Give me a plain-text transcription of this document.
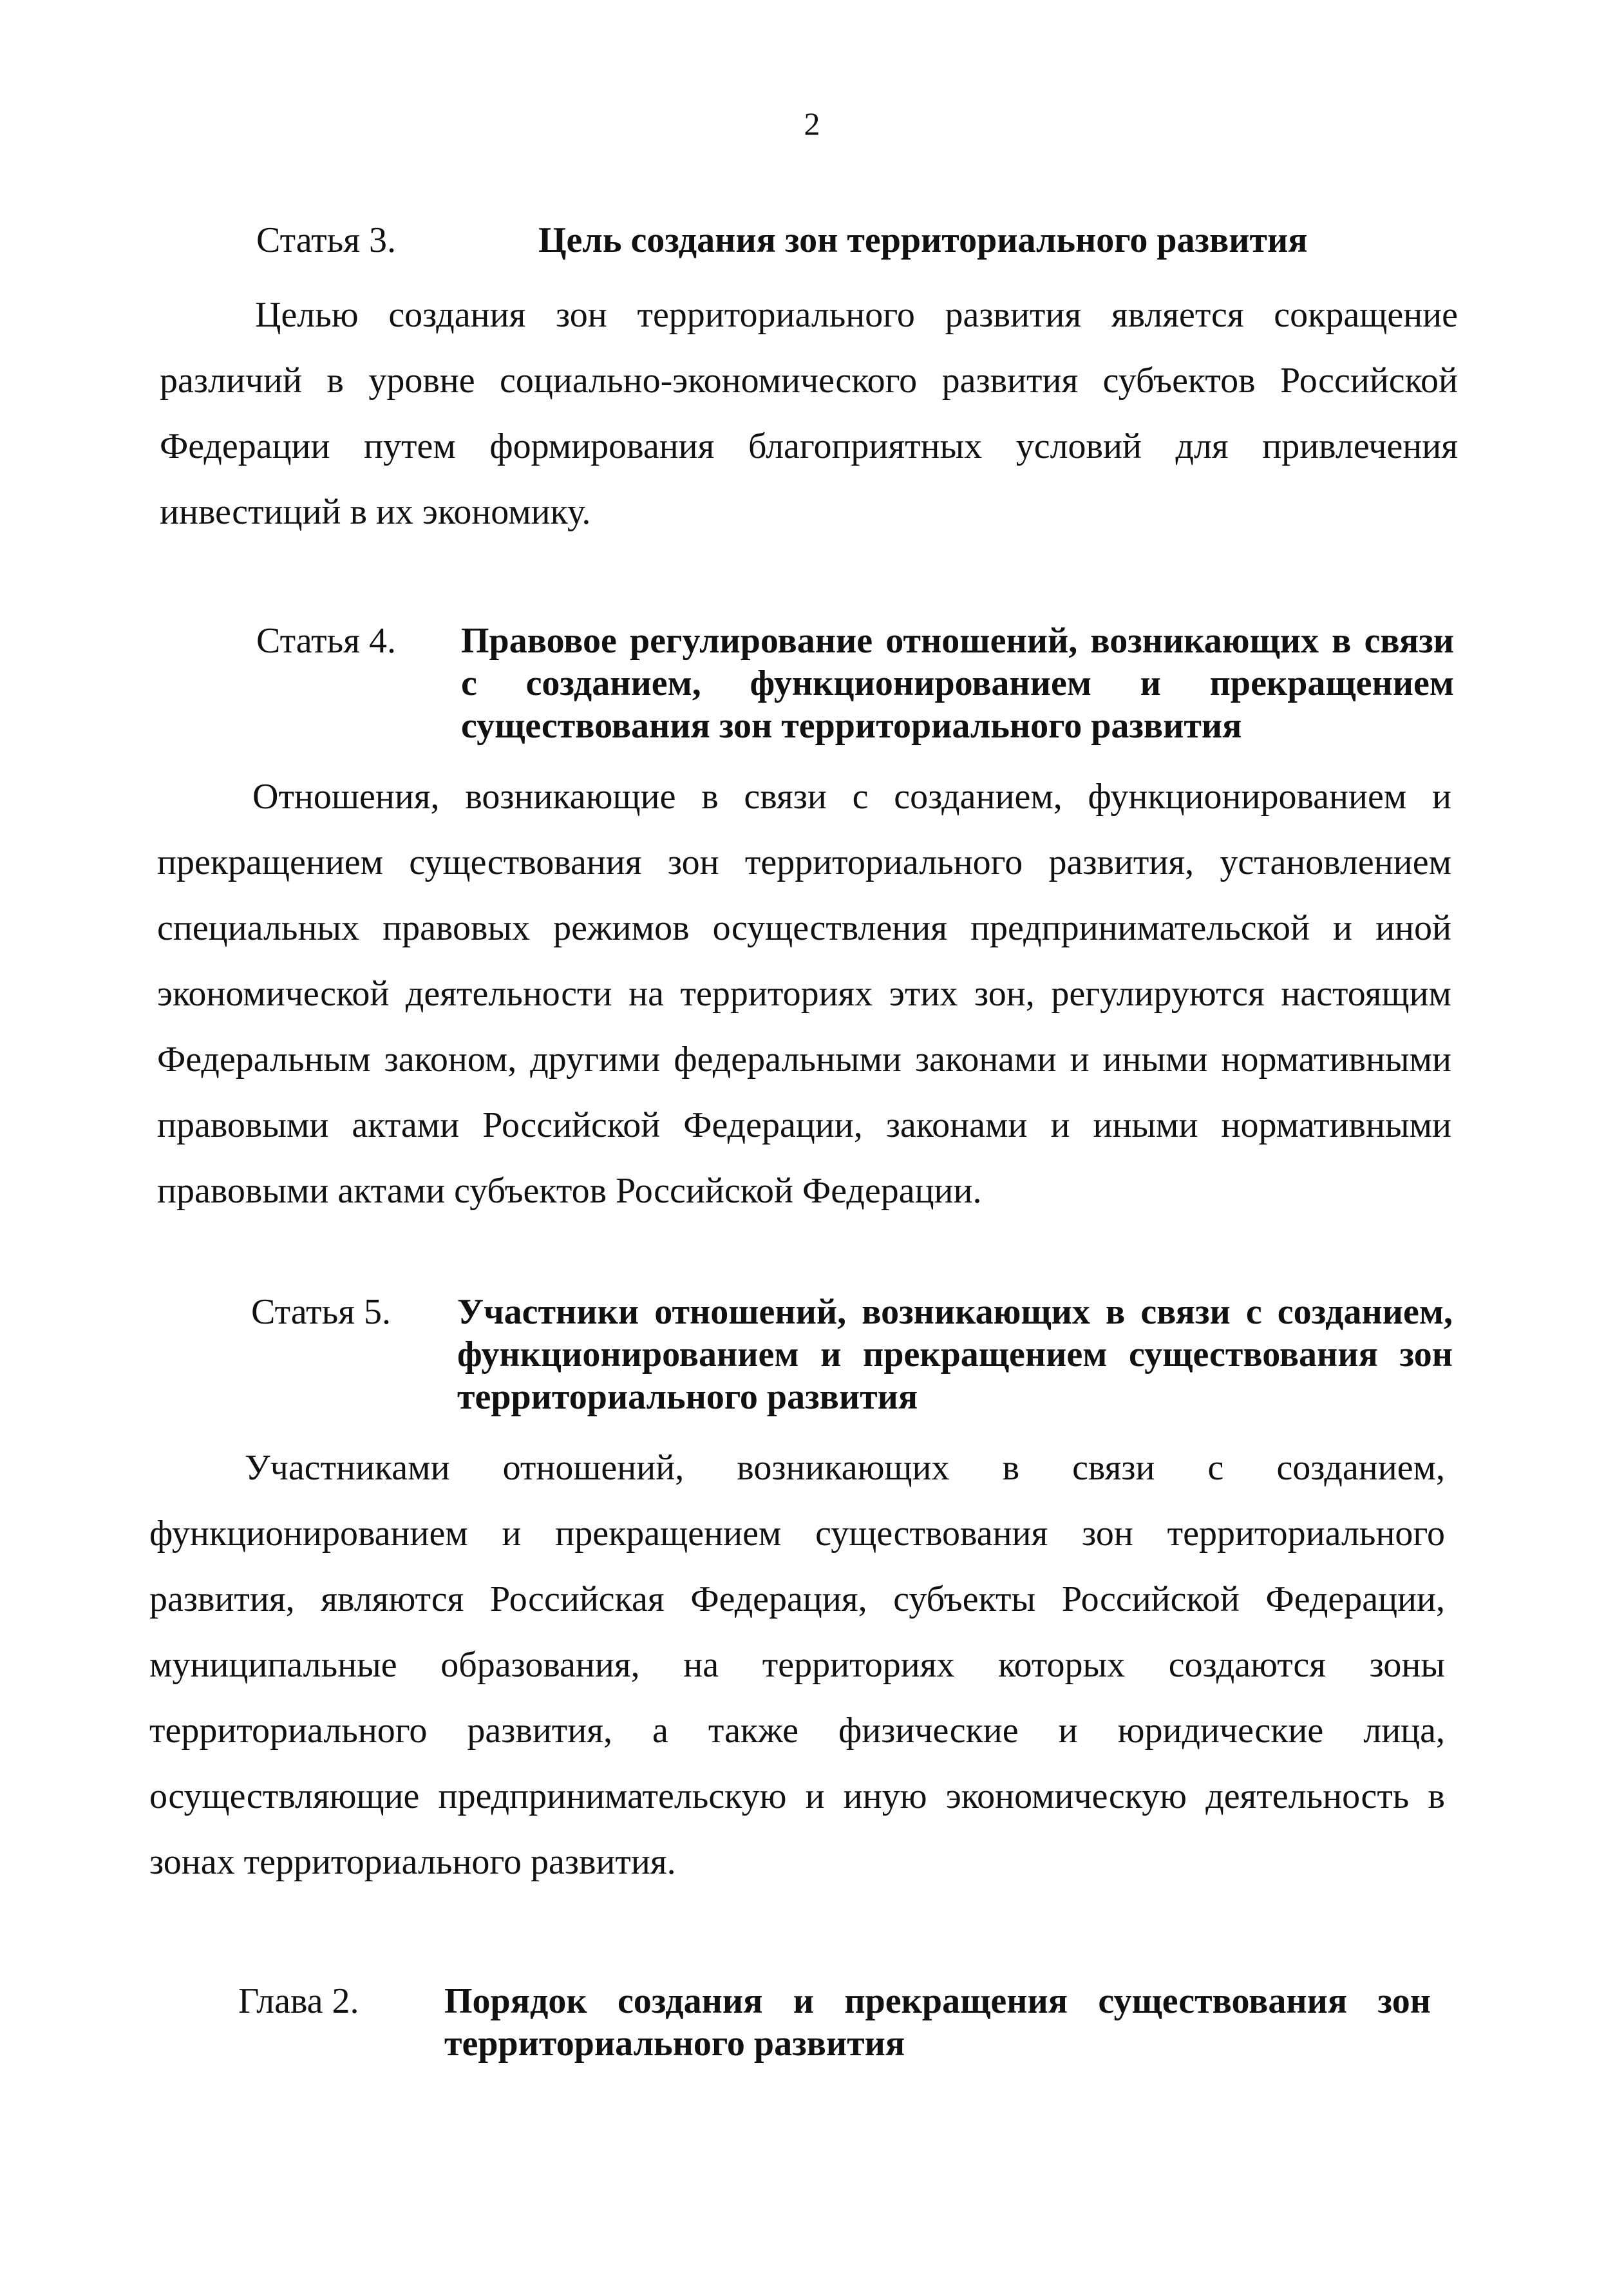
2
Статья 3.	Цель создания зон территориального развития

Целью создания зон территориального развития является сокращение различий в уровне социально-экономического развития субъектов Российской Федерации путем формирования благоприятных условий для привлечения инвестиций в их экономику.

Статья 4. Правовое регулирование отношений, возникающих в связи с созданием, функционированием и прекращением существования зон территориального развития

Отношения, возникающие в связи с созданием, функционированием и прекращением существования зон территориального развития, установлением специальных правовых режимов осуществления предпринимательской и иной экономической деятельности на территориях этих зон, регулируются настоящим Федеральным законом, другими федеральными законами и иными нормативными правовыми актами Российской Федерации, законами и иными нормативными правовыми актами субъектов Российской Федерации.

Статья 5. Участники отношений, возникающих в связи с созданием, функционированием и прекращением существования зон территориального развития

Участниками отношений, возникающих в связи с созданием, функционированием и прекращением существования зон территориального развития, являются Российская Федерация, субъекты Российской Федерации, муниципальные образования, на территориях которых создаются зоны территориального развития, а также физические и юридические лица, осуществляющие предпринимательскую и иную экономическую деятельность в зонах территориального развития.

Глава 2. Порядок создания и прекращения существования зон территориального развития
